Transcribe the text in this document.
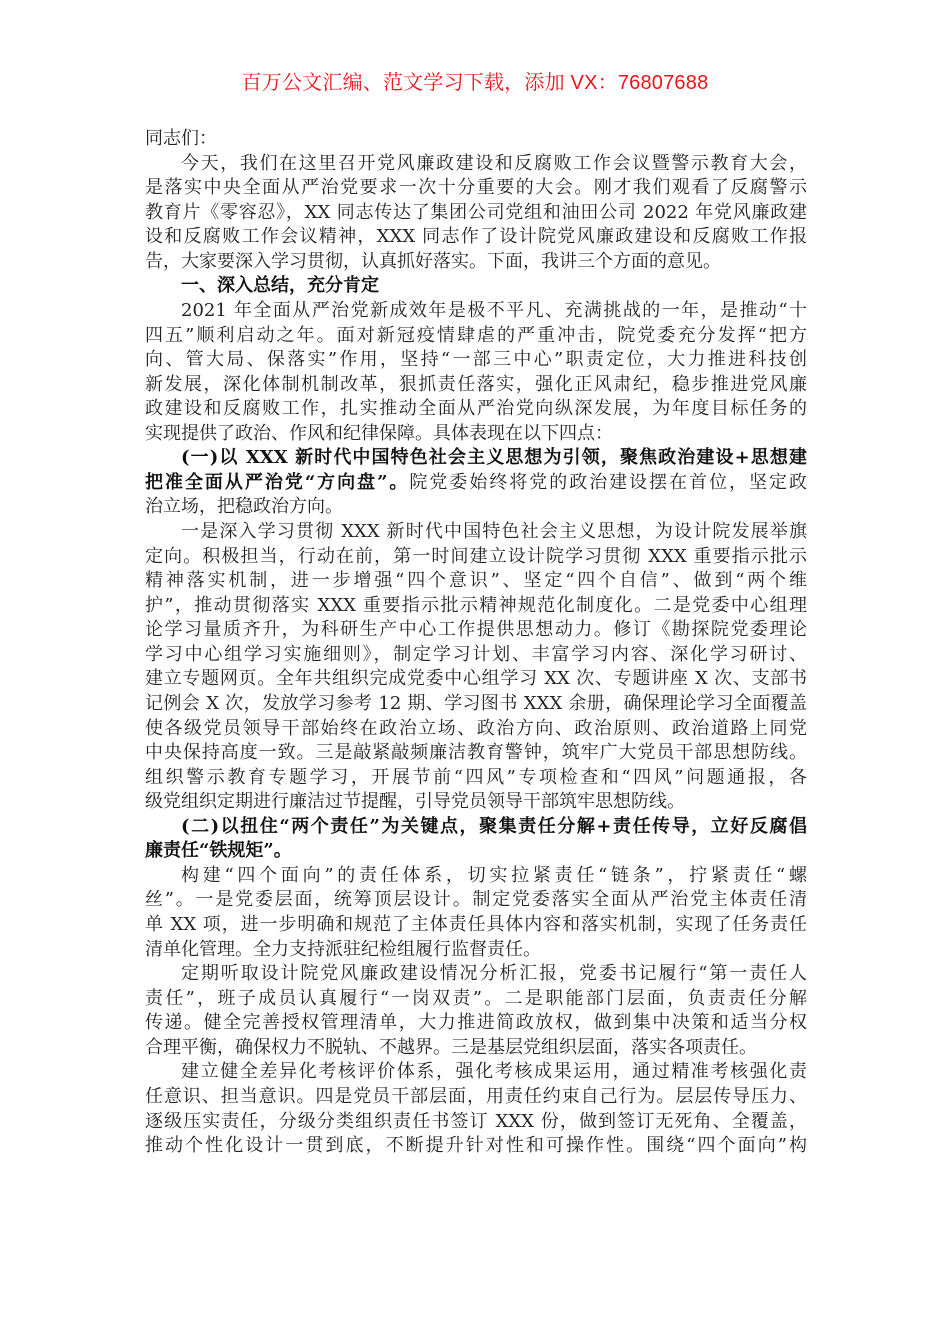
百万公文汇编、范文学习下载，添加 VX：76807688
同志们：
今天，我们在这里召开党风廉政建设和反腐败工作会议暨警示教育大会，
是落实中央全面从严治党要求一次十分重要的大会。刚才我们观看了反腐警示
教育片《零容忍》，XX 同志传达了集团公司党组和油田公司 2022 年党风廉政建
设和反腐败工作会议精神，XXX 同志作了设计院党风廉政建设和反腐败工作报
告，大家要深入学习贯彻，认真抓好落实。下面，我讲三个方面的意见。
一、深入总结，充分肯定
2021 年全面从严治党新成效年是极不平凡、充满挑战的一年，是推动“十
四五”顺利启动之年。面对新冠疫情肆虐的严重冲击，院党委充分发挥“把方
向、管大局、保落实”作用，坚持“一部三中心”职责定位，大力推进科技创
新发展，深化体制机制改革，狠抓责任落实，强化正风肃纪，稳步推进党风廉
政建设和反腐败工作，扎实推动全面从严治党向纵深发展，为年度目标任务的
实现提供了政治、作风和纪律保障。具体表现在以下四点：
(一)以 XXX 新时代中国特色社会主义思想为引领，聚焦政治建设+思想建
把准全面从严治党“方向盘”。院党委始终将党的政治建设摆在首位，坚定政
治立场，把稳政治方向。
一是深入学习贯彻 XXX 新时代中国特色社会主义思想，为设计院发展举旗
定向。积极担当，行动在前，第一时间建立设计院学习贯彻 XXX 重要指示批示
精神落实机制，进一步增强“四个意识”、坚定“四个自信”、做到“两个维
护”，推动贯彻落实 XXX 重要指示批示精神规范化制度化。二是党委中心组理
论学习量质齐升，为科研生产中心工作提供思想动力。修订《勘探院党委理论
学习中心组学习实施细则》，制定学习计划、丰富学习内容、深化学习研讨、
建立专题网页。全年共组织完成党委中心组学习 XX 次、专题讲座 X 次、支部书
记例会 X 次，发放学习参考 12 期、学习图书 XXX 余册，确保理论学习全面覆盖
使各级党员领导干部始终在政治立场、政治方向、政治原则、政治道路上同党
中央保持高度一致。三是敲紧敲频廉洁教育警钟，筑牢广大党员干部思想防线。
组织警示教育专题学习，开展节前“四风”专项检查和“四风”问题通报，各
级党组织定期进行廉洁过节提醒，引导党员领导干部筑牢思想防线。
(二)以扭住“两个责任”为关键点，聚集责任分解+责任传导，立好反腐倡
廉责任“铁规矩”。
构建“四个面向”的责任体系，切实拉紧责任“链条”，拧紧责任“螺
丝”。一是党委层面，统筹顶层设计。制定党委落实全面从严治党主体责任清
单 XX 项，进一步明确和规范了主体责任具体内容和落实机制，实现了任务责任
清单化管理。全力支持派驻纪检组履行监督责任。
定期听取设计院党风廉政建设情况分析汇报，党委书记履行“第一责任人
责任”，班子成员认真履行“一岗双责”。二是职能部门层面，负责责任分解
传递。健全完善授权管理清单，大力推进简政放权，做到集中决策和适当分权
合理平衡，确保权力不脱轨、不越界。三是基层党组织层面，落实各项责任。
建立健全差异化考核评价体系，强化考核成果运用，通过精准考核强化责
任意识、担当意识。四是党员干部层面，用责任约束自己行为。层层传导压力、
逐级压实责任，分级分类组织责任书签订 XXX 份，做到签订无死角、全覆盖，
推动个性化设计一贯到底，不断提升针对性和可操作性。围绕“四个面向”构
